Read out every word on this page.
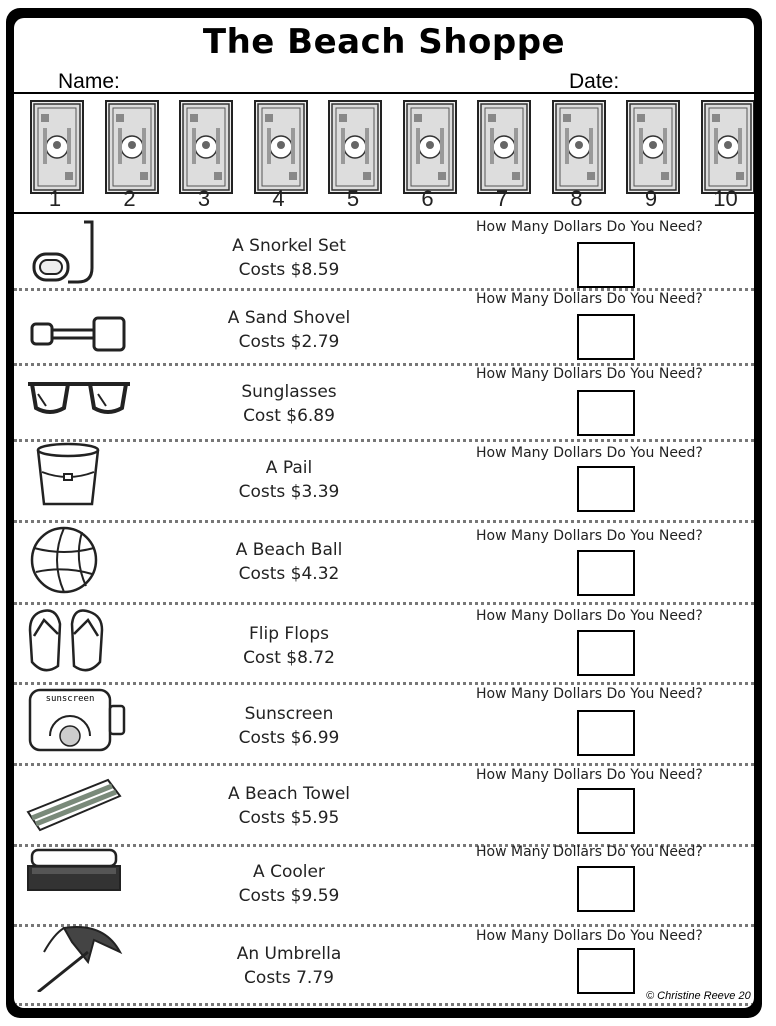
The Beach Shoppe
Name:	Date:
1	2	3	4	5	6	7	8	9	10
A Snorkel Set
Costs $8.59
How Many Dollars Do You Need?
A Sand Shovel
Costs $2.79
How Many Dollars Do You Need?
Sunglasses
Cost $6.89
How Many Dollars Do You Need?
A Pail
Costs $3.39
How Many Dollars Do You Need?
A Beach Ball
Costs $4.32
How Many Dollars Do You Need?
Flip Flops
Cost $8.72
How Many Dollars Do You Need?
sunscreen
Sunscreen
Costs $6.99
How Many Dollars Do You Need?
A Beach Towel
Costs $5.95
How Many Dollars Do You Need?
A Cooler
Costs $9.59
How Many Dollars Do You Need?
An Umbrella
Costs 7.79
How Many Dollars Do You Need?
© Christine Reeve 20
